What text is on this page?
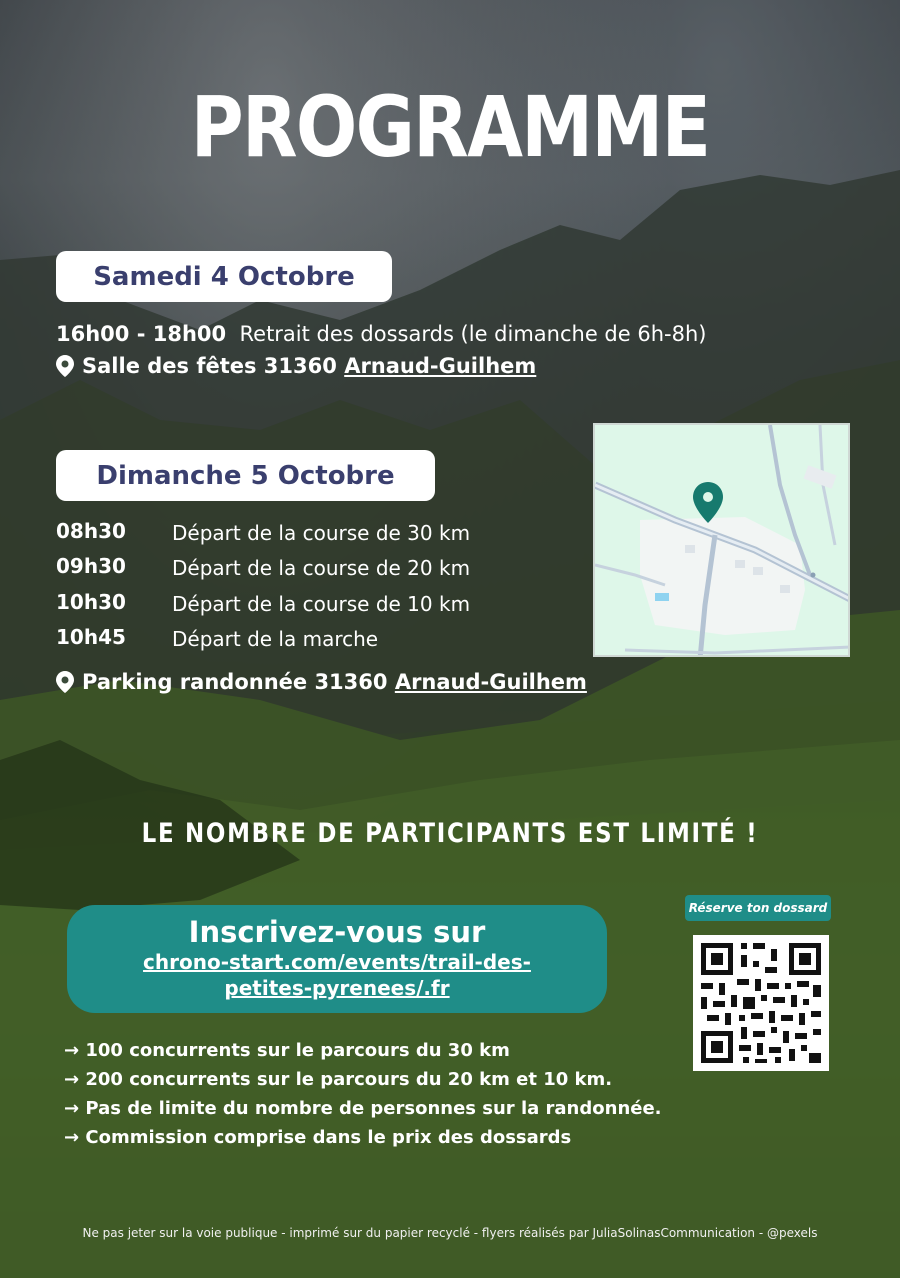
PROGRAMME
Samedi 4 Octobre
16h00 - 18h00 Retrait des dossards (le dimanche de 6h-8h)
Salle des fêtes 31360
Arnaud-Guilhem
Dimanche 5 Octobre
08h30 Départ de la course de 30 km
09h30 Départ de la course de 20 km
10h30 Départ de la course de 10 km
10h45 Départ de la marche
Parking randonnée 31360
Arnaud-Guilhem
LE NOMBRE DE PARTICIPANTS EST LIMITÉ !
Inscrivez-vous sur
chrono-start.com/events/trail-des-
petites-pyrenees/.fr
Réserve ton dossard
→ 100 concurrents sur le parcours du 30 km
→ 200 concurrents sur le parcours du 20 km et 10 km.
→ Pas de limite du nombre de personnes sur la randonnée.
→ Commission comprise dans le prix des dossards
Ne pas jeter sur la voie publique - imprimé sur du papier recyclé - flyers réalisés par JuliaSolinasCommunication - @pexels
